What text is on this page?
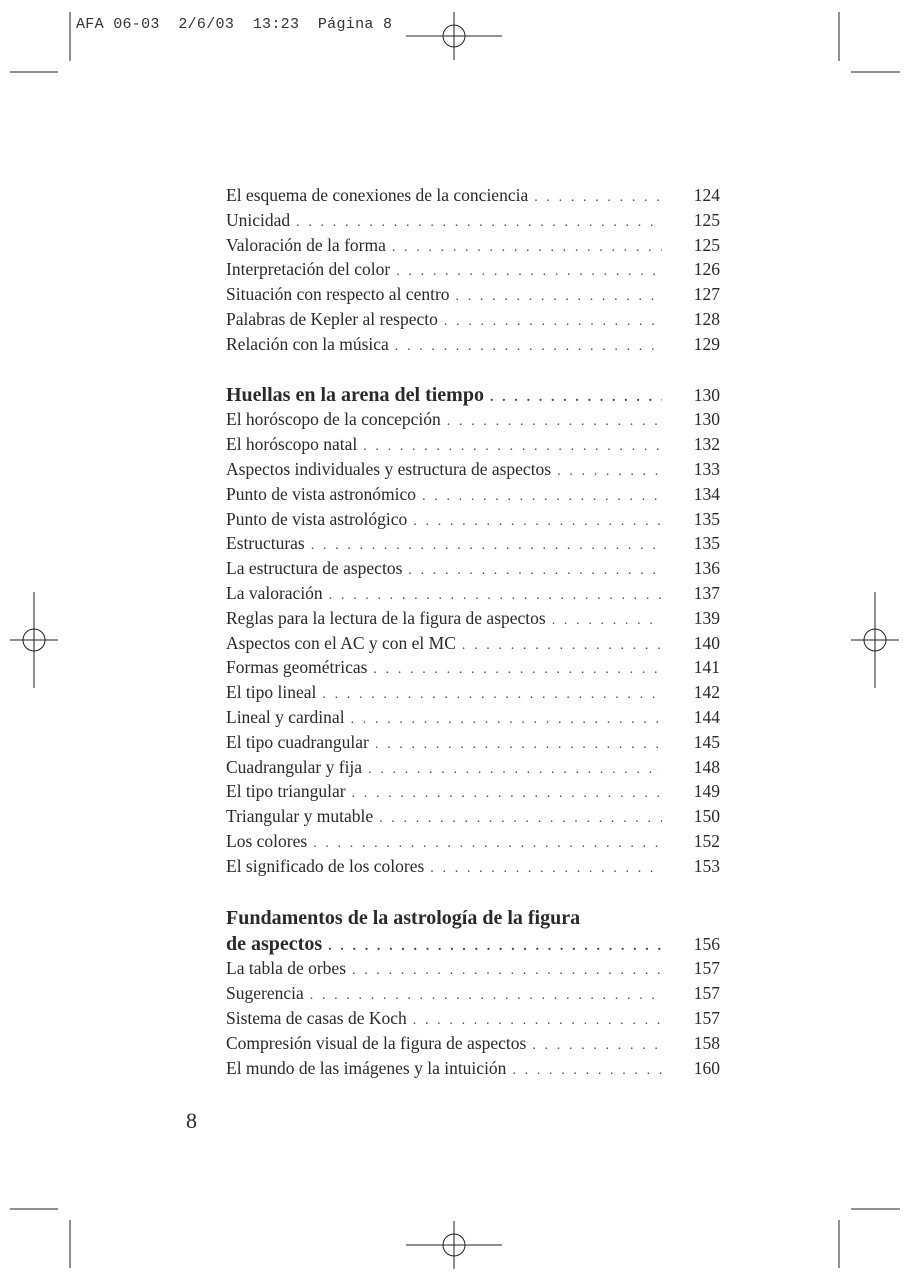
AFA 06-03 2/6/03 13:23 Página 8
El esquema de conexiones de la conciencia . . .	124
Unicidad . . .	125
Valoración de la forma . . .	125
Interpretación del color . . .	126
Situación con respecto al centro . . .	127
Palabras de Kepler al respecto . . .	128
Relación con la música . . .	129
Huellas en la arena del tiempo . . .	130
El horóscopo de la concepción . . .	130
El horóscopo natal . . .	132
Aspectos individuales y estructura de aspectos . . .	133
Punto de vista astronómico . . .	134
Punto de vista astrológico . . .	135
Estructuras . . .	135
La estructura de aspectos . . .	136
La valoración . . .	137
Reglas para la lectura de la figura de aspectos . . .	139
Aspectos con el AC y con el MC . . .	140
Formas geométricas . . .	141
El tipo lineal . . .	142
Lineal y cardinal . . .	144
El tipo cuadrangular . . .	145
Cuadrangular y fija . . .	148
El tipo triangular . . .	149
Triangular y mutable . . .	150
Los colores . . .	152
El significado de los colores . . .	153
Fundamentos de la astrología de la figura
de aspectos . . .	156
La tabla de orbes . . .	157
Sugerencia . . .	157
Sistema de casas de Koch . . .	157
Compresión visual de la figura de aspectos . . .	158
El mundo de las imágenes y la intuición . . .	160
8
